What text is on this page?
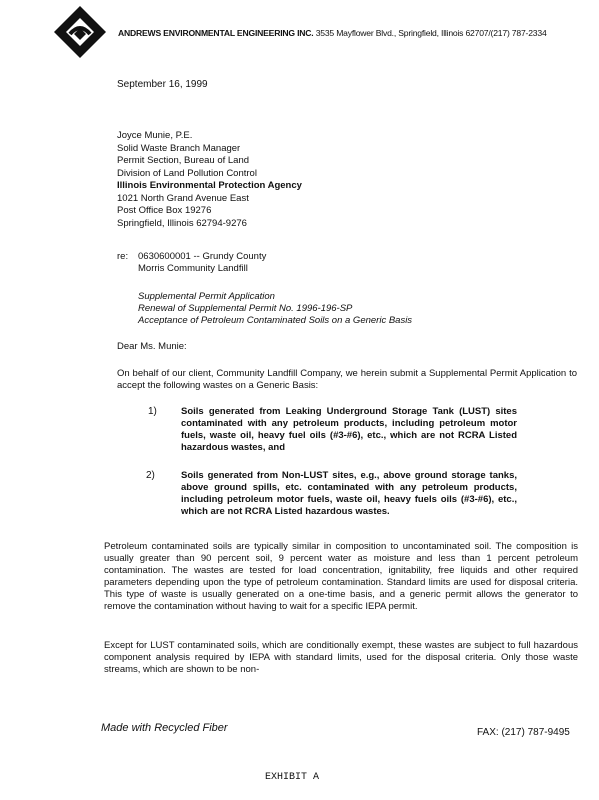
ANDREWS ENVIRONMENTAL ENGINEERING INC. 3535 Mayflower Blvd., Springfield, Illinois 62707/(217) 787-2334
September 16, 1999
Joyce Munie, P.E.
Solid Waste Branch Manager
Permit Section, Bureau of Land
Division of Land Pollution Control
Illinois Environmental Protection Agency
1021 North Grand Avenue East
Post Office Box 19276
Springfield, Illinois 62794-9276
re: 0630600001 -- Grundy County
Morris Community Landfill
Supplemental Permit Application
Renewal of Supplemental Permit No. 1996-196-SP
Acceptance of Petroleum Contaminated Soils on a Generic Basis
Dear Ms. Munie:
On behalf of our client, Community Landfill Company, we herein submit a Supplemental Permit Application to accept the following wastes on a Generic Basis:
1)	Soils generated from Leaking Underground Storage Tank (LUST) sites contaminated with any petroleum products, including petroleum motor fuels, waste oil, heavy fuel oils (#3-#6), etc., which are not RCRA Listed hazardous wastes, and
2)	Soils generated from Non-LUST sites, e.g., above ground storage tanks, above ground spills, etc. contaminated with any petroleum products, including petroleum motor fuels, waste oil, heavy fuels oils (#3-#6), etc., which are not RCRA Listed hazardous wastes.
Petroleum contaminated soils are typically similar in composition to uncontaminated soil. The composition is usually greater than 90 percent soil, 9 percent water as moisture and less than 1 percent petroleum contamination. The wastes are tested for load concentration, ignitability, free liquids and other required parameters depending upon the type of petroleum contamination. Standard limits are used for disposal criteria. This type of waste is usually generated on a one-time basis, and a generic permit allows the generator to remove the contamination without having to wait for a specific IEPA permit.
Except for LUST contaminated soils, which are conditionally exempt, these wastes are subject to full hazardous component analysis required by IEPA with standard limits, used for the disposal criteria. Only those waste streams, which are shown to be non-
Made with Recycled Fiber	FAX: (217) 787-9495
EXHIBIT A
